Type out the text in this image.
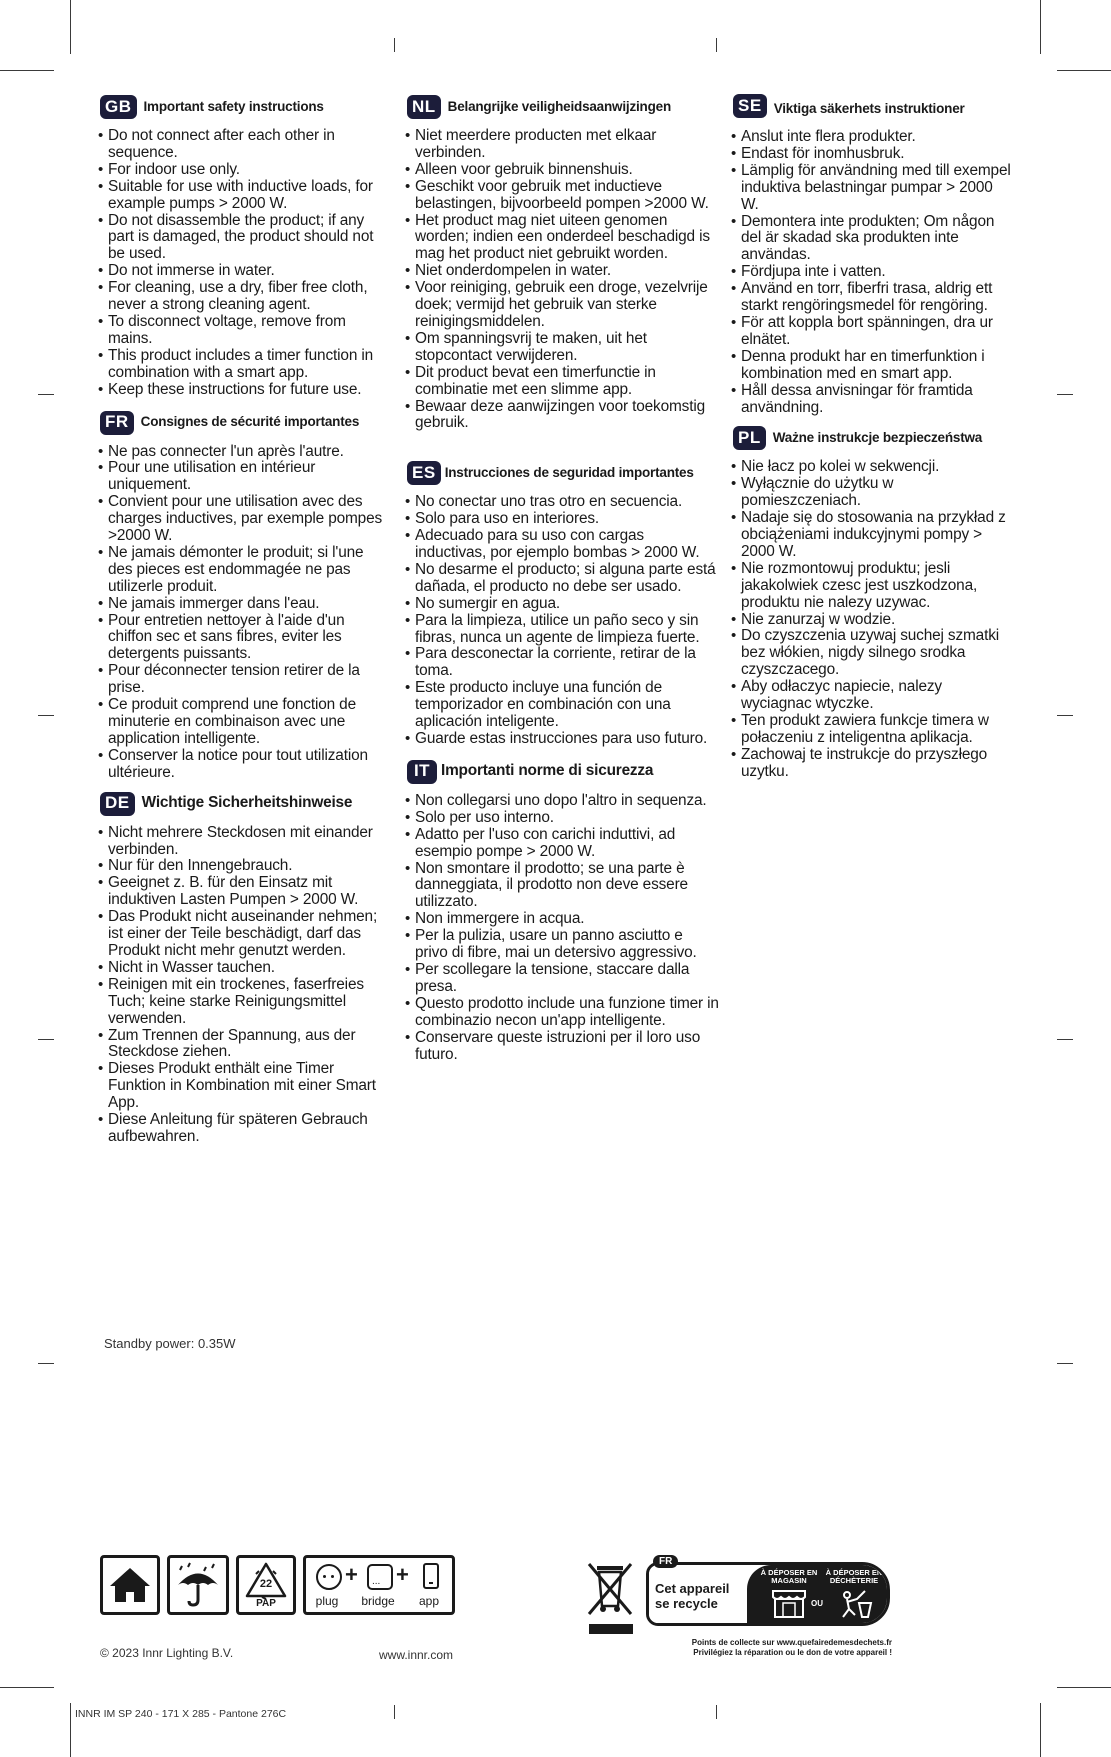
GB Important safety instructions
• Do not connect after each other in sequence.
• For indoor use only.
• Suitable for use with inductive loads, for example pumps > 2000 W.
• Do not disassemble the product; if any part is damaged, the product should not be used.
• Do not immerse in water.
• For cleaning, use a dry, fiber free cloth, never a strong cleaning agent.
• To disconnect voltage, remove from mains.
• This product includes a timer function in combination with a smart app.
• Keep these instructions for future use.
FR Consignes de sécurité importantes
• Ne pas connecter l'un après l'autre.
• Pour une utilisation en intérieur uniquement.
• Convient pour une utilisation avec des charges inductives, par exemple pompes >2000 W.
• Ne jamais démonter le produit; si l'une des pieces est endommagée ne pas utilizerle produit.
• Ne jamais immerger dans l'eau.
• Pour entretien nettoyer à l'aide d'un chiffon sec et sans fibres, eviter les detergents puissants.
• Pour déconnecter tension retirer de la prise.
• Ce produit comprend une fonction de minuterie en combinaison avec une application intelligente.
• Conserver la notice pour tout utilization ultérieure.
DE Wichtige Sicherheitshinweise
• Nicht mehrere Steckdosen mit einander verbinden.
• Nur für den Innengebrauch.
• Geeignet z. B. für den Einsatz mit induktiven Lasten Pumpen > 2000 W.
• Das Produkt nicht auseinander nehmen; ist einer der Teile beschädigt, darf das Produkt nicht mehr genutzt werden.
• Nicht in Wasser tauchen.
• Reinigen mit ein trockenes, faserfreies Tuch; keine starke Reinigungsmittel verwenden.
• Zum Trennen der Spannung, aus der Steckdose ziehen.
• Dieses Produkt enthält eine Timer Funktion in Kombination mit einer Smart App.
• Diese Anleitung für späteren Gebrauch aufbewahren.
NL Belangrijke veiligheidsaanwijzingen
• Niet meerdere producten met elkaar verbinden.
• Alleen voor gebruik binnenshuis.
• Geschikt voor gebruik met inductieve belastingen, bijvoorbeeld pompen >2000 W.
• Het product mag niet uiteen genomen worden; indien een onderdeel beschadigd is mag het product niet gebruikt worden.
• Niet onderdompelen in water.
• Voor reiniging, gebruik een droge, vezelvrije doek; vermijd het gebruik van sterke reinigingsmiddelen.
• Om spanningsvrij te maken, uit het stopcontact verwijderen.
• Dit product bevat een timerfunctie in combinatie met een slimme app.
• Bewaar deze aanwijzingen voor toekomstig gebruik.
ES Instrucciones de seguridad importantes
• No conectar uno tras otro en secuencia.
• Solo para uso en interiores.
• Adecuado para su uso con cargas inductivas, por ejemplo bombas > 2000 W.
• No desarme el producto; si alguna parte está dañada, el producto no debe ser usado.
• No sumergir en agua.
• Para la limpieza, utilice un paño seco y sin fibras, nunca un agente de limpieza fuerte.
• Para desconectar la corriente, retirar de la toma.
• Este producto incluye una función de temporizador en combinación con una aplicación inteligente.
• Guarde estas instrucciones para uso futuro.
IT Importanti norme di sicurezza
• Non collegarsi uno dopo l'altro in sequenza.
• Solo per uso interno.
• Adatto per l'uso con carichi induttivi, ad esempio pompe > 2000 W.
• Non smontare il prodotto; se una parte è danneggiata, il prodotto non deve essere utilizzato.
• Non immergere in acqua.
• Per la pulizia, usare un panno asciutto e privo di fibre, mai un detersivo aggressivo.
• Per scollegare la tensione, staccare dalla presa.
• Questo prodotto include una funzione timer in combinazio necon un'app intelligente.
• Conservare queste istruzioni per il loro uso futuro.
SE Viktiga säkerhets instruktioner
• Anslut inte flera produkter.
• Endast för inomhusbruk.
• Lämplig för användning med till exempel induktiva belastningar pumpar > 2000 W.
• Demontera inte produkten; Om någon del är skadad ska produkten inte användas.
• Fördjupa inte i vatten.
• Använd en torr, fiberfri trasa, aldrig ett starkt rengöringsmedel för rengöring.
• För att koppla bort spänningen, dra ur elnätet.
• Denna produkt har en timerfunktion i kombination med en smart app.
• Håll dessa anvisningar för framtida användning.
PL Ważne instrukcje bezpieczeństwa
• Nie łacz po kolei w sekwencji.
• Wyłącznie do użytku w pomieszczeniach.
• Nadaje się do stosowania na przykład z obciążeniami indukcyjnymi pompy > 2000 W.
• Nie rozmontowuj produktu; jesli jakakolwiek czesc jest uszkodzona, produktu nie nalezy uzywac.
• Nie zanurzaj w wodzie.
• Do czyszczenia uzywaj suchej szmatki bez włókien, nigdy silnego srodka czyszczacego.
• Aby odłaczyc napiecie, nalezy wyciagnac wtyczke.
• Ten produkt zawiera funkcje timera w połaczeniu z inteligentna aplikacja.
• Zachowaj te instrukcje do przyszłego uzytku.
Standby power: 0.35W
22
PAP
+ ... +
plug	bridge	app
Cet appareil
se recycle
À DÉPOSER EN MAGASIN
À DÉPOSER EN DÉCHÈTERIE
OU
FR
Points de collecte sur www.quefairedemesdechets.fr
Privilégiez la réparation ou le don de votre appareil !
© 2023 Innr Lighting B.V.	www.innr.com
INNR IM SP 240 - 171 X 285 - Pantone 276C
